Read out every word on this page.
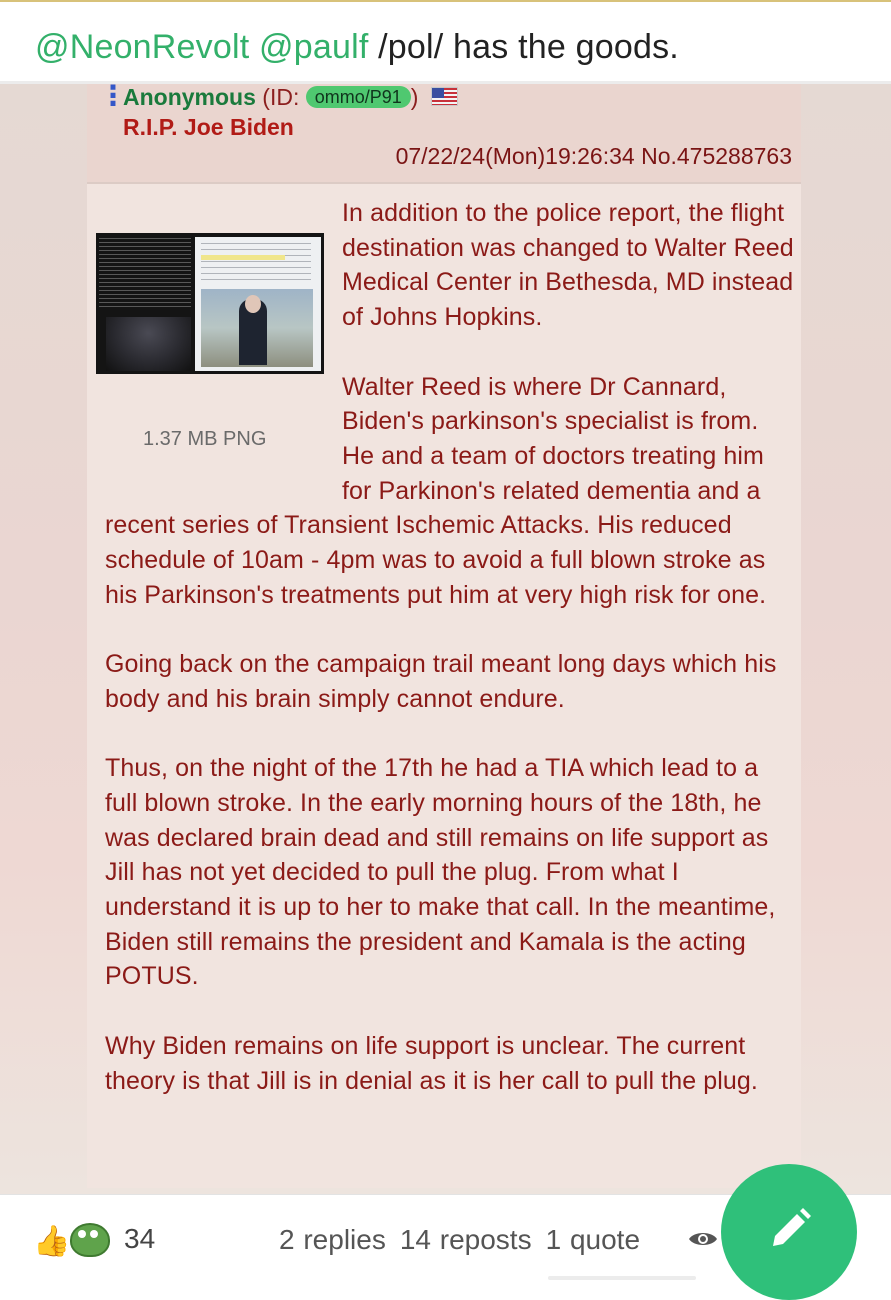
@NeonRevolt @paulf /pol/ has the goods.
⋮
Anonymous (ID: ommo/P91 )
R.I.P. Joe Biden
07/22/24(Mon)19:26:34 No.475288763
1.37 MB PNG

In addition to the police report, the flight destination was changed to Walter Reed Medical Center in Bethesda, MD instead of Johns Hopkins.

Walter Reed is where Dr Cannard, Biden's parkinson's specialist is from. He and a team of doctors treating him for Parkinon's related dementia and a recent series of Transient Ischemic Attacks. His reduced schedule of 10am - 4pm was to avoid a full blown stroke as his Parkinson's treatments put him at very high risk for one.

Going back on the campaign trail meant long days which his body and his brain simply cannot endure.

Thus, on the night of the 17th he had a TIA which lead to a full blown stroke. In the early morning hours of the 18th, he was declared brain dead and still remains on life support as Jill has not yet decided to pull the plug. From what I understand it is up to her to make that call. In the meantime, Biden still remains the president and Kamala is the acting POTUS.

Why Biden remains on life support is unclear. The current theory is that Jill is in denial as it is her call to pull the plug.

👍 34	2 replies 14 reposts 1 quote
